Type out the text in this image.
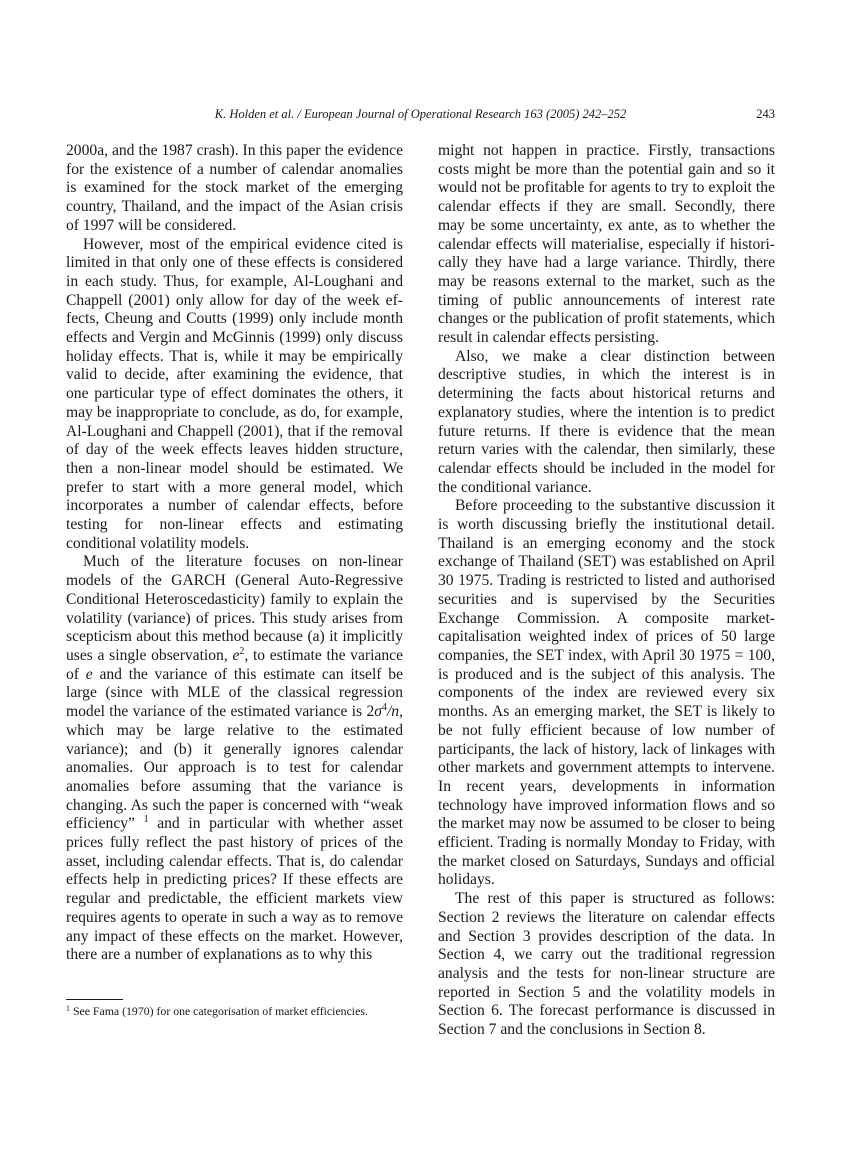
K. Holden et al. / European Journal of Operational Research 163 (2005) 242–252	243

2000a, and the 1987 crash). In this paper the evidence for the existence of a number of calendar anomalies is examined for the stock market of the emerging country, Thailand, and the impact of the Asian crisis of 1997 will be considered.

However, most of the empirical evidence cited is limited in that only one of these effects is considered in each study. Thus, for example, Al-Loughani and Chappell (2001) only allow for day of the week effects, Cheung and Coutts (1999) only include month effects and Vergin and McGinnis (1999) only discuss holiday effects. That is, while it may be empirically valid to decide, after examining the evidence, that one particular type of effect dominates the others, it may be inappropriate to conclude, as do, for example, Al-Loughani and Chappell (2001), that if the removal of day of the week effects leaves hidden structure, then a non-linear model should be estimated. We prefer to start with a more general model, which incorporates a number of calendar effects, before testing for non-linear effects and estimating conditional volatility models.

Much of the literature focuses on non-linear models of the GARCH (General Auto-Regressive Conditional Heteroscedasticity) family to explain the volatility (variance) of prices. This study arises from scepticism about this method because (a) it implicitly uses a single observation, $e^2$, to estimate the variance of e and the variance of this estimate can itself be large (since with MLE of the classical regression model the variance of the estimated variance is $2\sigma^4/n$, which may be large relative to the estimated variance); and (b) it generally ignores calendar anomalies. Our approach is to test for calendar anomalies before assuming that the variance is changing. As such the paper is concerned with “weak efficiency” $^1$ and in particular with whether asset prices fully reflect the past history of prices of the asset, including calendar effects. That is, do calendar effects help in predicting prices? If these effects are regular and predictable, the efficient markets view requires agents to operate in such a way as to remove any impact of these effects on the market. However, there are a number of explanations as to why this

might not happen in practice. Firstly, transactions costs might be more than the potential gain and so it would not be profitable for agents to try to exploit the calendar effects if they are small. Secondly, there may be some uncertainty, ex ante, as to whether the calendar effects will materialise, especially if historically they have had a large variance. Thirdly, there may be reasons external to the market, such as the timing of public announcements of interest rate changes or the publication of profit statements, which result in calendar effects persisting.

Also, we make a clear distinction between descriptive studies, in which the interest is in determining the facts about historical returns and explanatory studies, where the intention is to predict future returns. If there is evidence that the mean return varies with the calendar, then similarly, these calendar effects should be included in the model for the conditional variance.

Before proceeding to the substantive discussion it is worth discussing briefly the institutional detail. Thailand is an emerging economy and the stock exchange of Thailand (SET) was established on April 30 1975. Trading is restricted to listed and authorised securities and is supervised by the Securities Exchange Commission. A composite market-capitalisation weighted index of prices of 50 large companies, the SET index, with April 30 1975 = 100, is produced and is the subject of this analysis. The components of the index are reviewed every six months. As an emerging market, the SET is likely to be not fully efficient because of low number of participants, the lack of history, lack of linkages with other markets and government attempts to intervene. In recent years, developments in information technology have improved information flows and so the market may now be assumed to be closer to being efficient. Trading is normally Monday to Friday, with the market closed on Saturdays, Sundays and official holidays.

The rest of this paper is structured as follows: Section 2 reviews the literature on calendar effects and Section 3 provides description of the data. In Section 4, we carry out the traditional regression analysis and the tests for non-linear structure are reported in Section 5 and the volatility models in Section 6. The forecast performance is discussed in Section 7 and the conclusions in Section 8.

$^1$ See Fama (1970) for one categorisation of market efficiencies.
